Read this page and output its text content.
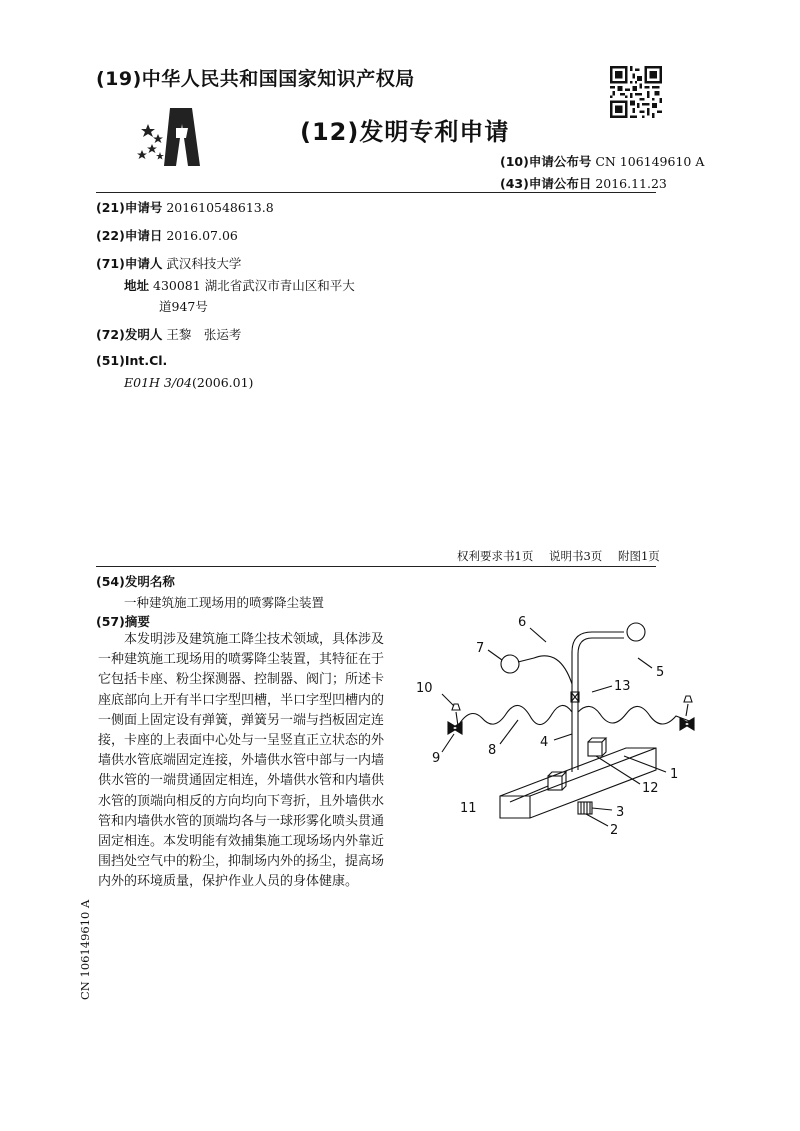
(19)中华人民共和国国家知识产权局
(12)发明专利申请
(10)申请公布号 CN 106149610 A
(43)申请公布日 2016.11.23
(21)申请号 201610548613.8
(22)申请日 2016.07.06
(71)申请人 武汉科技大学
地址 430081 湖北省武汉市青山区和平大
道947号
(72)发明人 王黎　张运考
(51)Int.Cl.
E01H 3/04(2006.01)
权利要求书1页 说明书3页 附图1页
(54)发明名称
一种建筑施工现场用的喷雾降尘装置
(57)摘要
本发明涉及建筑施工降尘技术领域，具体涉及一种建筑施工现场用的喷雾降尘装置，其特征在于它包括卡座、粉尘探测器、控制器、阀门；所述卡座底部向上开有半口字型凹槽，半口字型凹槽内的一侧面上固定设有弹簧，弹簧另一端与挡板固定连接，卡座的上表面中心处与一呈竖直正立状态的外墙供水管底端固定连接，外墙供水管中部与一内墙供水管的一端贯通固定相连，外墙供水管和内墙供水管的顶端向相反的方向均向下弯折，且外墙供水管和内墙供水管的顶端均各与一球形雾化喷头贯通固定相连。本发明能有效捕集施工现场场内外靠近围挡处空气中的粉尘，抑制场内外的扬尘，提高场内外的环境质量，保护作业人员的身体健康。
CN 106149610 A
6
7
5
13
10
4
8
9
1
12
11	3
2
